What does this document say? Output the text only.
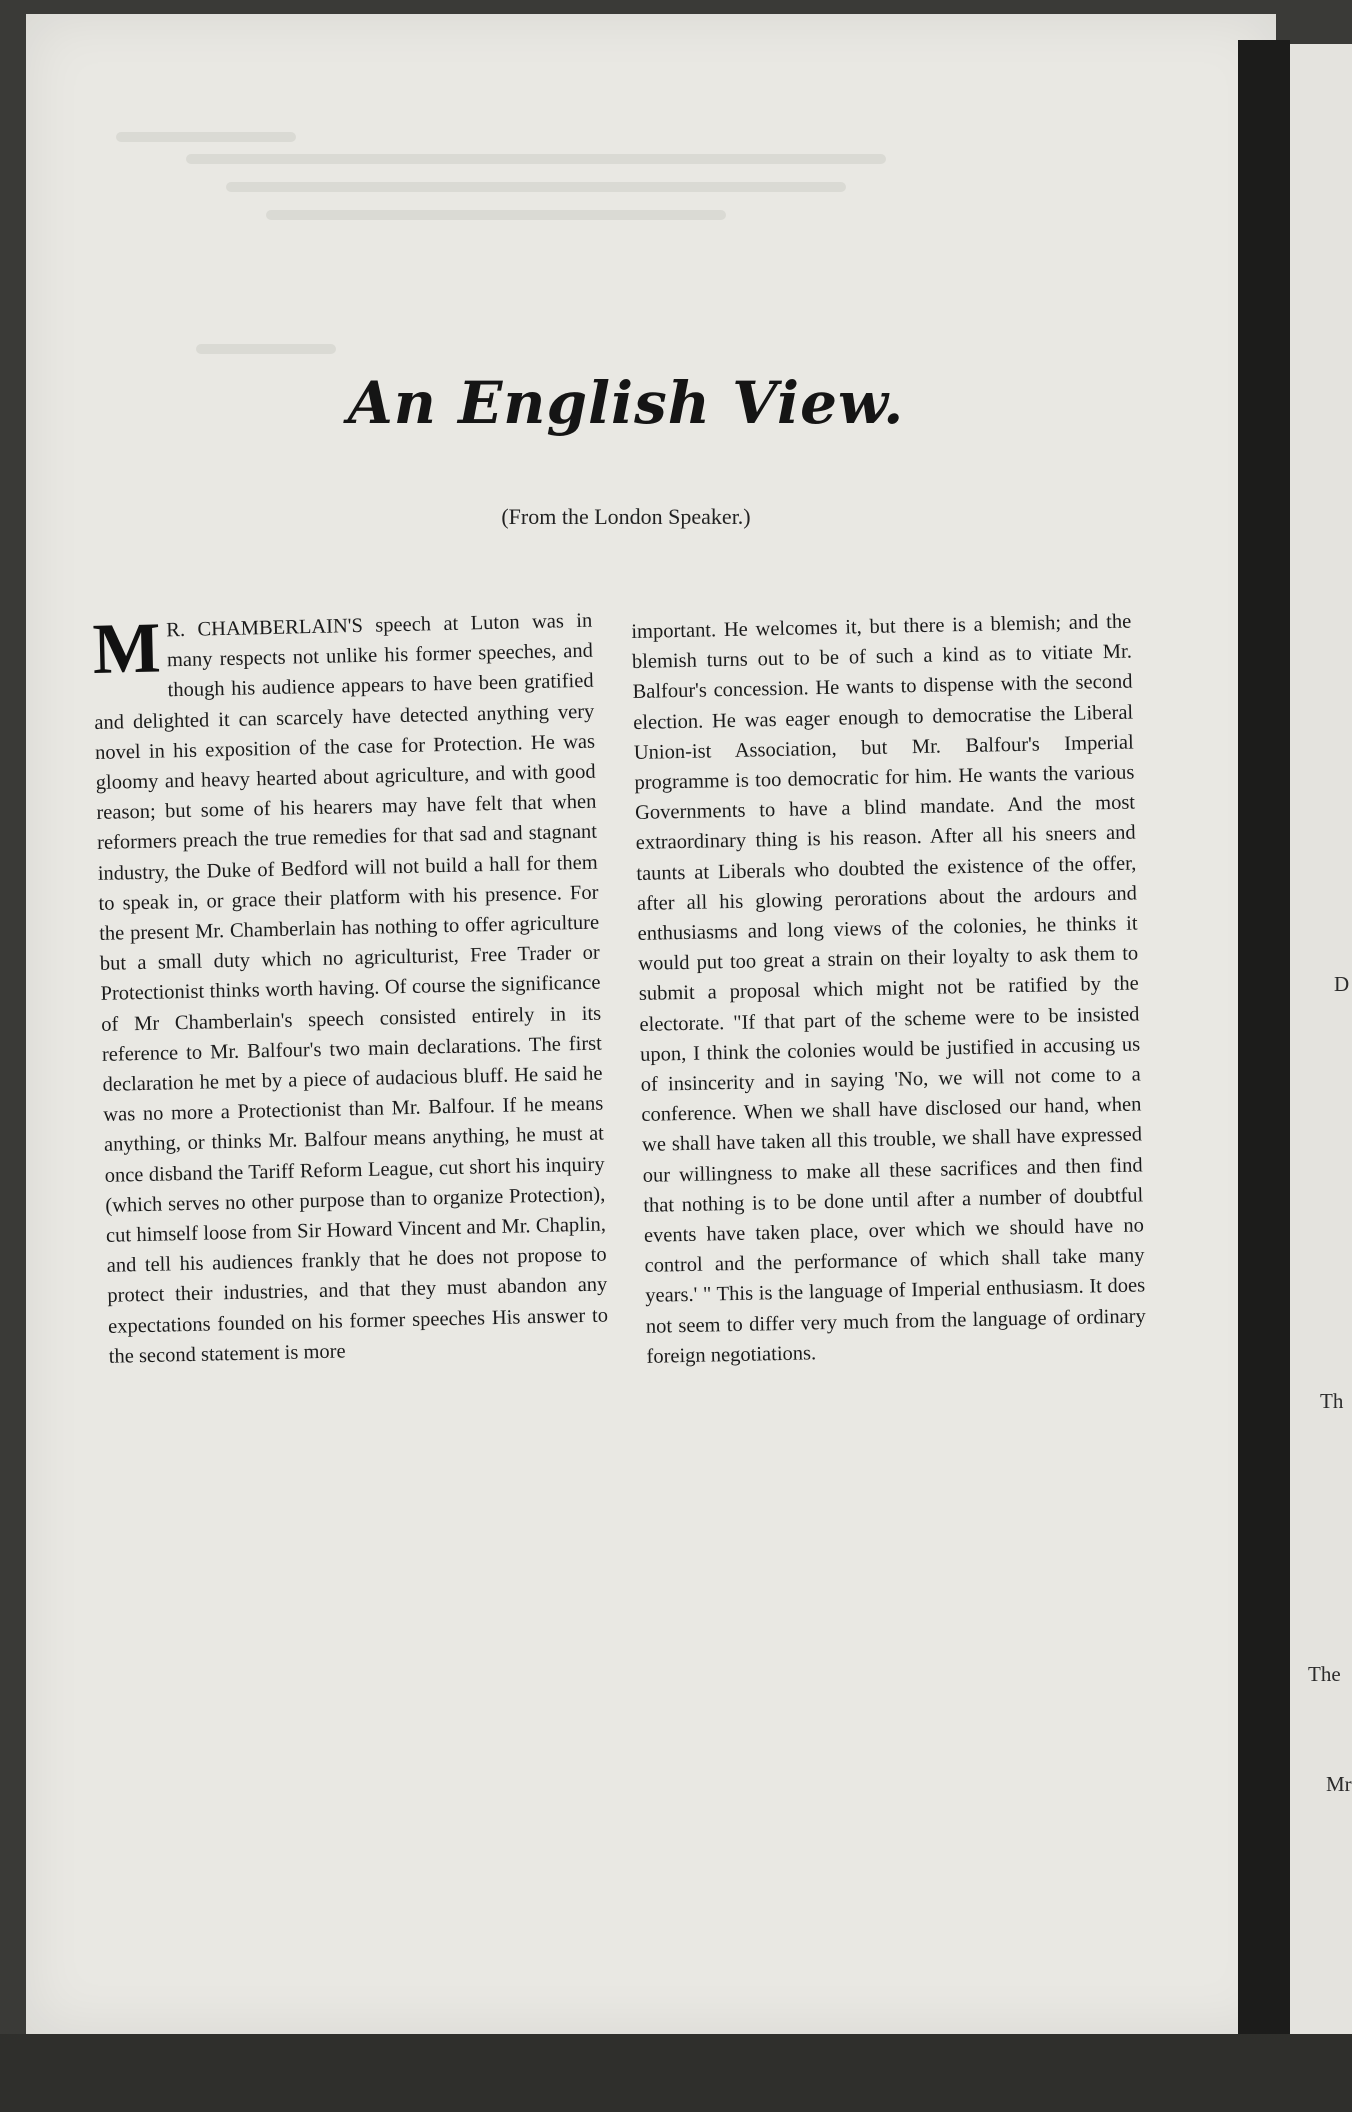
An English View.
(From the London Speaker.)

M R. CHAMBERLAIN'S speech at Luton was in many respects not unlike his former speeches, and though his audience appears to have been gratified and delighted it can scarcely have detected anything very novel in his exposition of the case for Protection. He was gloomy and heavy hearted about agriculture, and with good reason; but some of his hearers may have felt that when reformers preach the true remedies for that sad and stagnant industry, the Duke of Bedford will not build a hall for them to speak in, or grace their platform with his presence. For the present Mr. Chamberlain has nothing to offer agriculture but a small duty which no agriculturist, Free Trader or Protectionist thinks worth having. Of course the significance of Mr Chamberlain's speech consisted entirely in its reference to Mr. Balfour's two main declarations. The first declaration he met by a piece of audacious bluff. He said he was no more a Protectionist than Mr. Balfour. If he means anything, or thinks Mr. Balfour means anything, he must at once disband the Tariff Reform League, cut short his inquiry (which serves no other purpose than to organize Protection), cut himself loose from Sir Howard Vincent and Mr. Chaplin, and tell his audiences frankly that he does not propose to protect their industries, and that they must abandon any expectations founded on his former speeches His answer to the second statement is more

important. He welcomes it, but there is a blemish; and the blemish turns out to be of such a kind as to vitiate Mr. Balfour's concession. He wants to dispense with the second election. He was eager enough to democratise the Liberal Union-ist Association, but Mr. Balfour's Imperial programme is too democratic for him. He wants the various Governments to have a blind mandate. And the most extraordinary thing is his reason. After all his sneers and taunts at Liberals who doubted the existence of the offer, after all his glowing perorations about the ardours and enthusiasms and long views of the colonies, he thinks it would put too great a strain on their loyalty to ask them to submit a proposal which might not be ratified by the electorate. "If that part of the scheme were to be insisted upon, I think the colonies would be justified in accusing us of insincerity and in saying 'No, we will not come to a conference. When we shall have disclosed our hand, when we shall have taken all this trouble, we shall have expressed our willingness to make all these sacrifices and then find that nothing is to be done until after a number of doubtful events have taken place, over which we should have no control and the performance of which shall take many years.' " This is the language of Imperial enthusiasm. It does not seem to differ very much from the language of ordinary foreign negotiations.

D
Th
The
Mr
